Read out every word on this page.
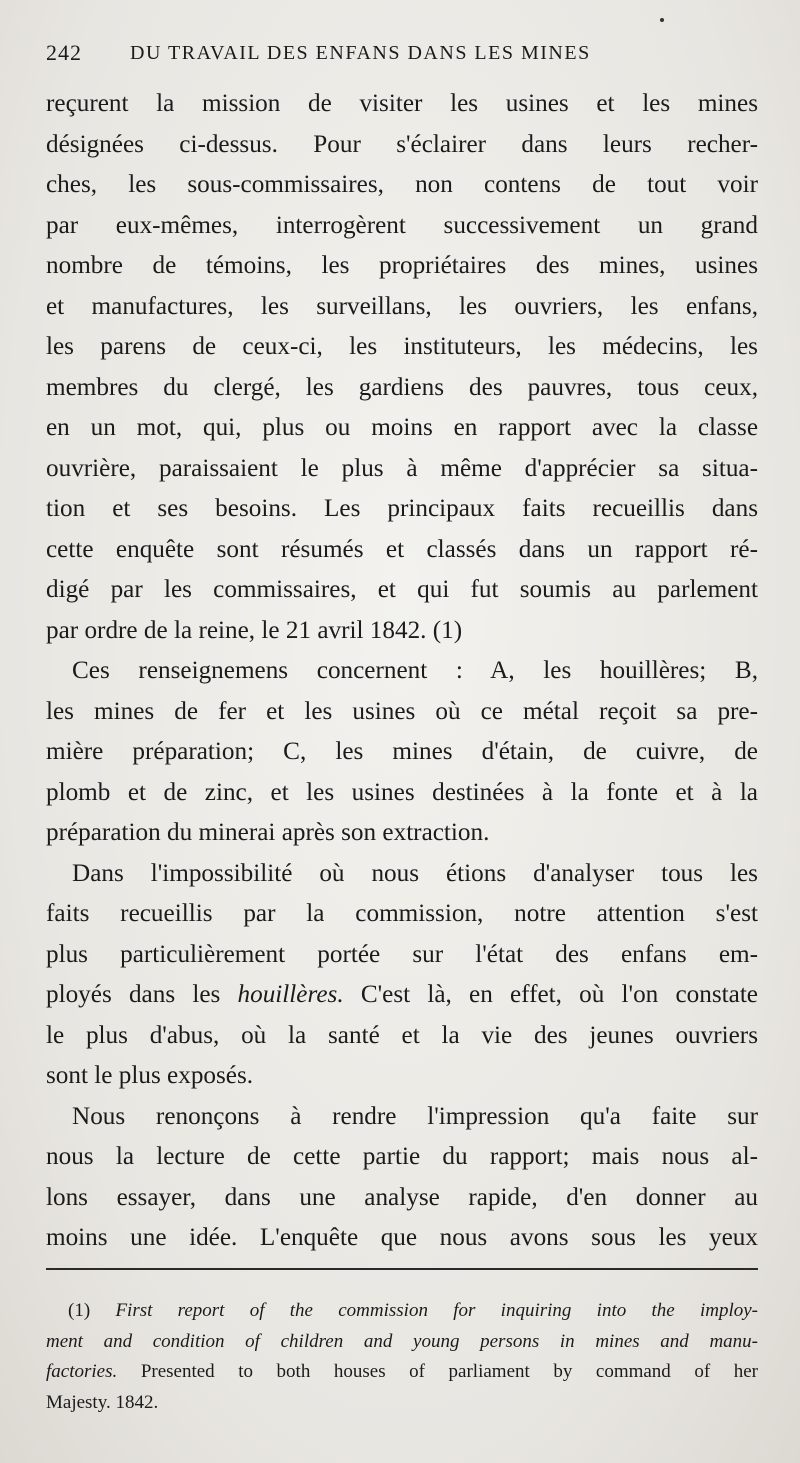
242 DU TRAVAIL DES ENFANS DANS LES MINES
reçurent la mission de visiter les usines et les mines
désignées ci-dessus. Pour s'éclairer dans leurs recher-
ches, les sous-commissaires, non contens de tout voir
par eux-mêmes, interrogèrent successivement un grand
nombre de témoins, les propriétaires des mines, usines
et manufactures, les surveillans, les ouvriers, les enfans,
les parens de ceux-ci, les instituteurs, les médecins, les
membres du clergé, les gardiens des pauvres, tous ceux,
en un mot, qui, plus ou moins en rapport avec la classe
ouvrière, paraissaient le plus à même d'apprécier sa situa-
tion et ses besoins. Les principaux faits recueillis dans
cette enquête sont résumés et classés dans un rapport ré-
digé par les commissaires, et qui fut soumis au parlement
par ordre de la reine, le 21 avril 1842. (1)
Ces renseignemens concernent : A, les houillères; B,
les mines de fer et les usines où ce métal reçoit sa pre-
mière préparation; C, les mines d'étain, de cuivre, de
plomb et de zinc, et les usines destinées à la fonte et à la
préparation du minerai après son extraction.
Dans l'impossibilité où nous étions d'analyser tous les
faits recueillis par la commission, notre attention s'est
plus particulièrement portée sur l'état des enfans em-
ployés dans les houillères. C'est là, en effet, où l'on constate
le plus d'abus, où la santé et la vie des jeunes ouvriers
sont le plus exposés.
Nous renonçons à rendre l'impression qu'a faite sur
nous la lecture de cette partie du rapport; mais nous al-
lons essayer, dans une analyse rapide, d'en donner au
moins une idée. L'enquête que nous avons sous les yeux
(1) First report of the commission for inquiring into the imploy-
ment and condition of children and young persons in mines and manu-
factories. Presented to both houses of parliament by command of her
Majesty. 1842.
